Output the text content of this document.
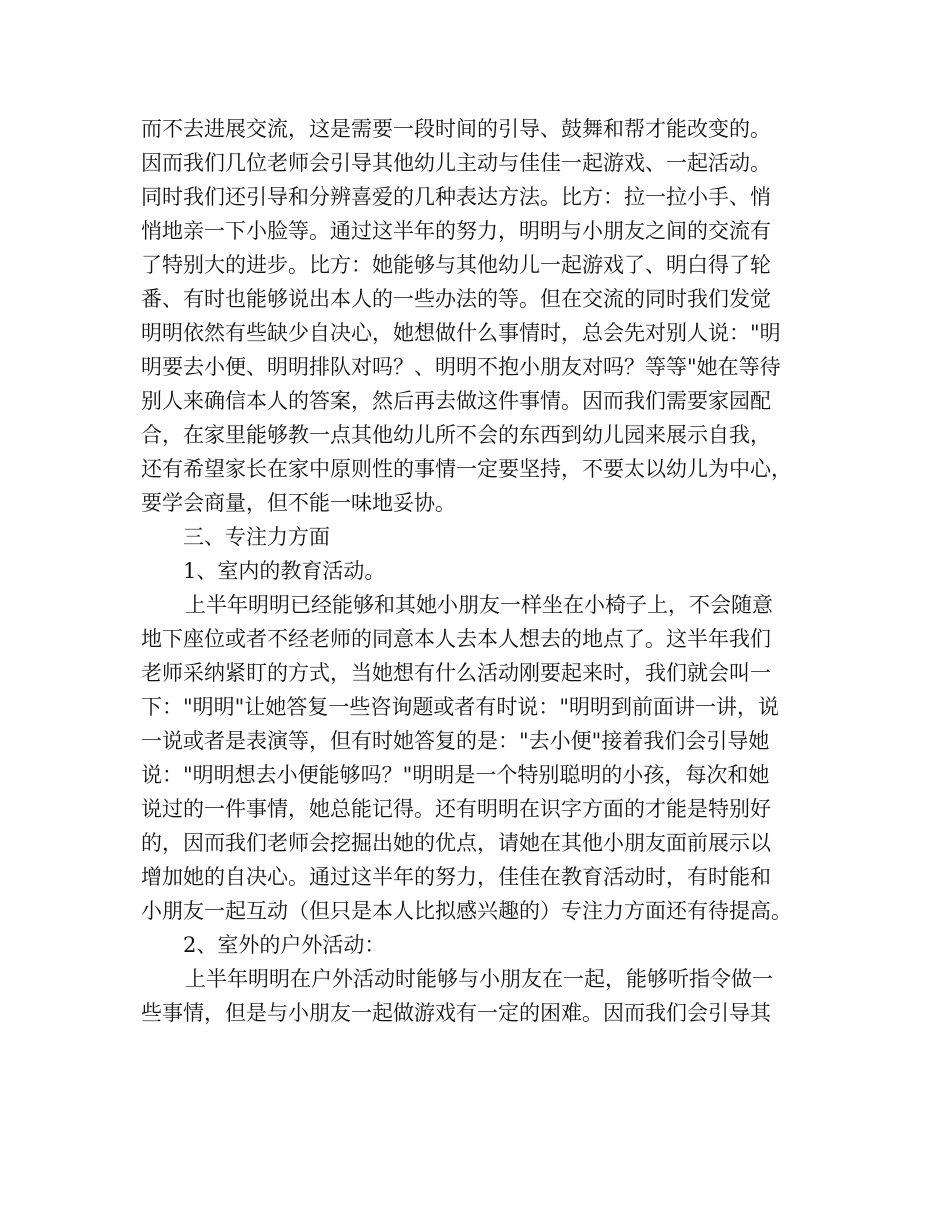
而不去进展交流，这是需要一段时间的引导、鼓舞和帮才能改变的。
因而我们几位老师会引导其他幼儿主动与佳佳一起游戏、一起活动。
同时我们还引导和分辨喜爱的几种表达方法。比方：拉一拉小手、悄
悄地亲一下小脸等。通过这半年的努力，明明与小朋友之间的交流有
了特别大的进步。比方：她能够与其他幼儿一起游戏了、明白得了轮
番、有时也能够说出本人的一些办法的等。但在交流的同时我们发觉
明明依然有些缺少自决心，她想做什么事情时，总会先对别人说："明
明要去小便、明明排队对吗？、明明不抱小朋友对吗？等等"她在等待
别人来确信本人的答案，然后再去做这件事情。因而我们需要家园配
合，在家里能够教一点其他幼儿所不会的东西到幼儿园来展示自我，
还有希望家长在家中原则性的事情一定要坚持，不要太以幼儿为中心，
要学会商量，但不能一味地妥协。
三、专注力方面
1、室内的教育活动。
上半年明明已经能够和其她小朋友一样坐在小椅子上，不会随意
地下座位或者不经老师的同意本人去本人想去的地点了。这半年我们
老师采纳紧盯的方式，当她想有什么活动刚要起来时，我们就会叫一
下："明明"让她答复一些咨询题或者有时说："明明到前面讲一讲，说
一说或者是表演等，但有时她答复的是："去小便"接着我们会引导她
说："明明想去小便能够吗？"明明是一个特别聪明的小孩，每次和她
说过的一件事情，她总能记得。还有明明在识字方面的才能是特别好
的，因而我们老师会挖掘出她的优点，请她在其他小朋友面前展示以
增加她的自决心。通过这半年的努力，佳佳在教育活动时，有时能和
小朋友一起互动（但只是本人比拟感兴趣的）专注力方面还有待提高。
2、室外的户外活动：
上半年明明在户外活动时能够与小朋友在一起，能够听指令做一
些事情，但是与小朋友一起做游戏有一定的困难。因而我们会引导其
